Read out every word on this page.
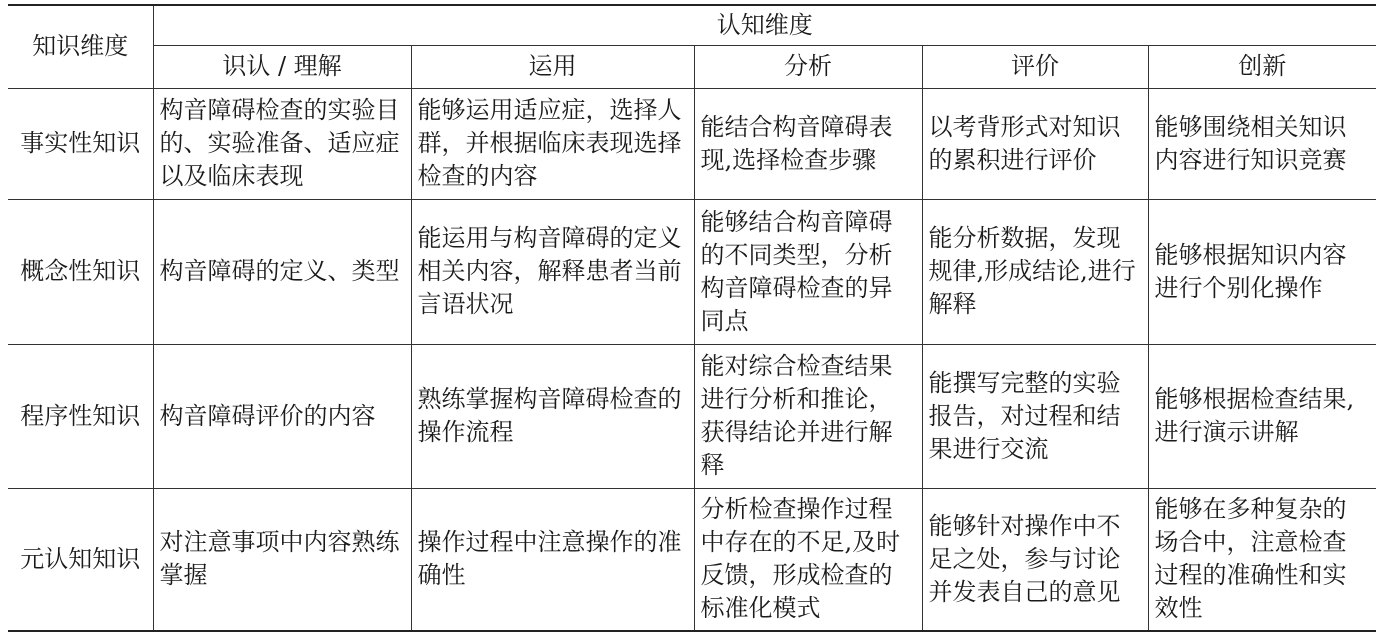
知识维度	认知维度				
	识认 / 理解	运用	分析	评价	创新
事实性知识	构音障碍检查的实验目的、实验准备、适应症以及临床表现	能够运用适应症，选择人群，并根据临床表现选择检查的内容	能结合构音障碍表现,选择检查步骤	以考背形式对知识的累积进行评价	能够围绕相关知识内容进行知识竞赛
概念性知识	构音障碍的定义、类型	能运用与构音障碍的定义相关内容，解释患者当前言语状况	能够结合构音障碍的不同类型，分析构音障碍检查的异同点	能分析数据，发现规律,形成结论,进行解释	能够根据知识内容进行个别化操作
程序性知识	构音障碍评价的内容	熟练掌握构音障碍检查的操作流程	能对综合检查结果进行分析和推论，获得结论并进行解释	能撰写完整的实验报告，对过程和结果进行交流	能够根据检查结果,进行演示讲解
元认知知识	对注意事项中内容熟练掌握	操作过程中注意操作的准确性	分析检查操作过程中存在的不足,及时反馈，形成检查的标准化模式	能够针对操作中不足之处，参与讨论并发表自己的意见	能够在多种复杂的场合中，注意检查过程的准确性和实效性
